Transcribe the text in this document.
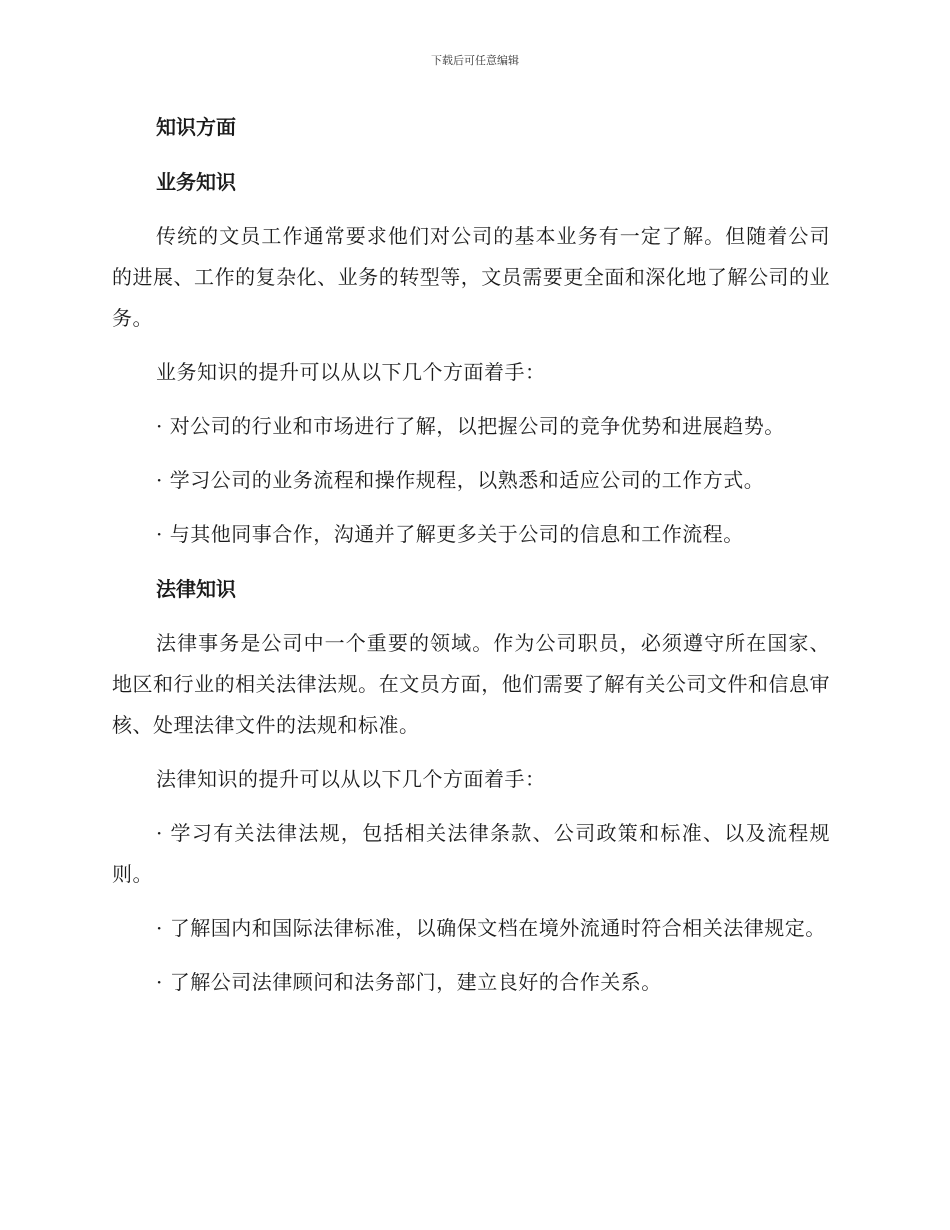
下载后可任意编辑
知识方面
业务知识
传统的文员工作通常要求他们对公司的基本业务有一定了解。但随着公司的进展、工作的复杂化、业务的转型等，文员需要更全面和深化地了解公司的业务。
业务知识的提升可以从以下几个方面着手：
· 对公司的行业和市场进行了解，以把握公司的竞争优势和进展趋势。
· 学习公司的业务流程和操作规程，以熟悉和适应公司的工作方式。
· 与其他同事合作，沟通并了解更多关于公司的信息和工作流程。
法律知识
法律事务是公司中一个重要的领域。作为公司职员，必须遵守所在国家、地区和行业的相关法律法规。在文员方面，他们需要了解有关公司文件和信息审核、处理法律文件的法规和标准。
法律知识的提升可以从以下几个方面着手：
· 学习有关法律法规，包括相关法律条款、公司政策和标准、以及流程规则。
· 了解国内和国际法律标准，以确保文档在境外流通时符合相关法律规定。
· 了解公司法律顾问和法务部门，建立良好的合作关系。
